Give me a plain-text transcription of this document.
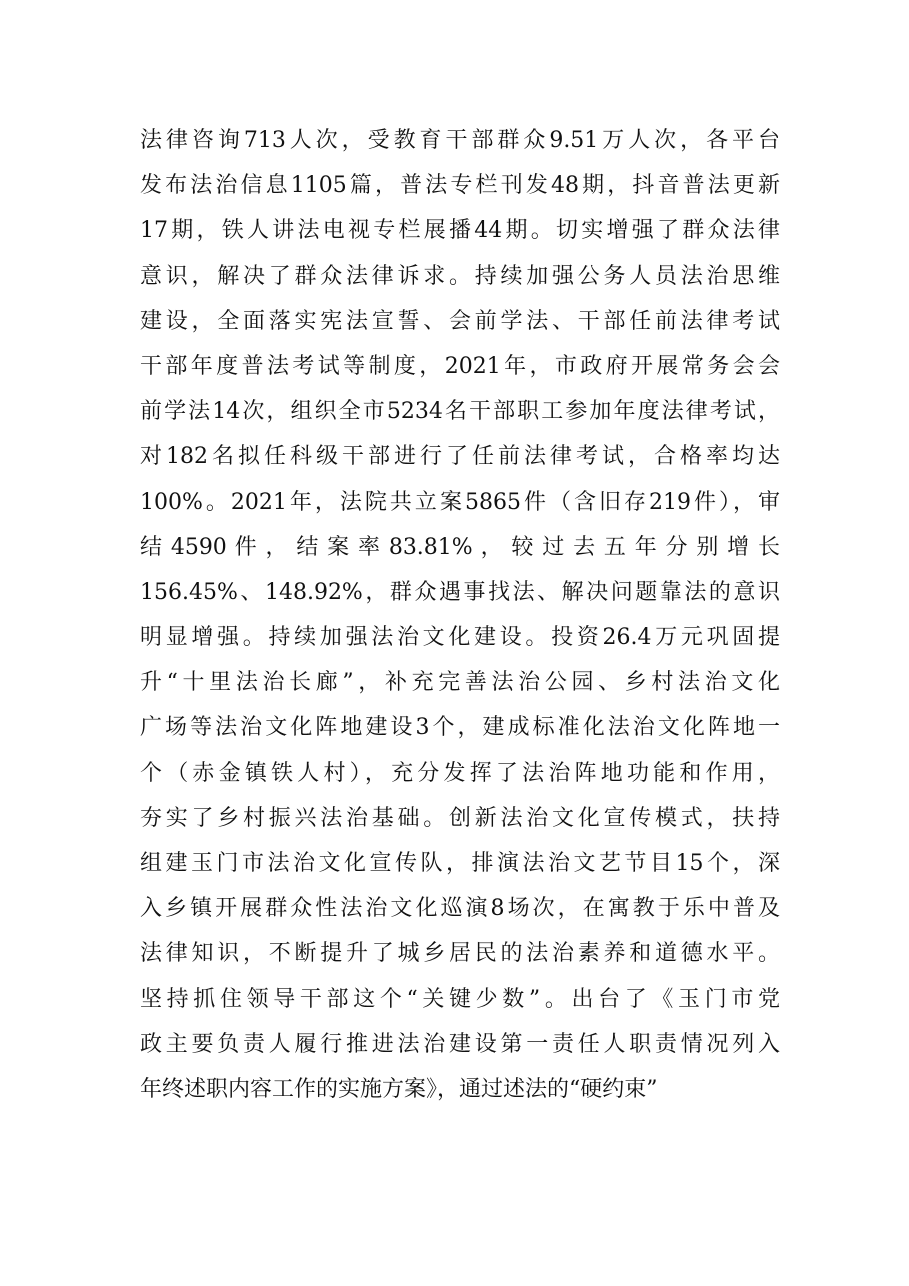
法律咨询713人次，受教育干部群众9.51万人次，各平台
发布法治信息1105篇，普法专栏刊发48期，抖音普法更新
17期，铁人讲法电视专栏展播44期。切实增强了群众法律
意识，解决了群众法律诉求。持续加强公务人员法治思维
建设，全面落实宪法宣誓、会前学法、干部任前法律考试
干部年度普法考试等制度，2021年，市政府开展常务会会
前学法14次，组织全市5234名干部职工参加年度法律考试，
对182名拟任科级干部进行了任前法律考试，合格率均达
100%。2021年，法院共立案5865件（含旧存219件），审
结 4590 件 ， 结 案 率 83.81% ， 较 过 去 五 年 分 别 增 长
156.45%、148.92%，群众遇事找法、解决问题靠法的意识
明显增强。持续加强法治文化建设。投资26.4万元巩固提
升“十里法治长廊”，补充完善法治公园、乡村法治文化
广场等法治文化阵地建设3个，建成标准化法治文化阵地一
个（赤金镇铁人村），充分发挥了法治阵地功能和作用，
夯实了乡村振兴法治基础。创新法治文化宣传模式，扶持
组建玉门市法治文化宣传队，排演法治文艺节目15个，深
入乡镇开展群众性法治文化巡演8场次，在寓教于乐中普及
法律知识，不断提升了城乡居民的法治素养和道德水平。
坚持抓住领导干部这个“关键少数”。出台了《玉门市党
政主要负责人履行推进法治建设第一责任人职责情况列入
年终述职内容工作的实施方案》，通过述法的“硬约束”
